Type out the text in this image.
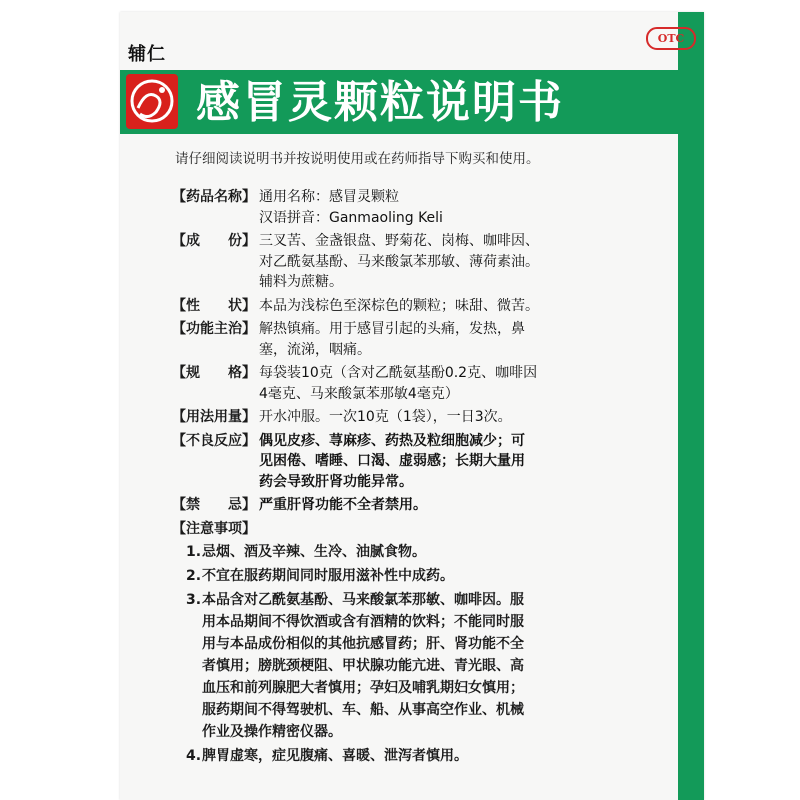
辅仁
OTC
感冒灵颗粒说明书
请仔细阅读说明书并按说明使用或在药师指导下购买和使用。
【药品名称】 通用名称：感冒灵颗粒
汉语拼音：Ganmaoling Keli
【成　　份】 三叉苦、金盏银盘、野菊花、岗梅、咖啡因、
对乙酰氨基酚、马来酸氯苯那敏、薄荷素油。
辅料为蔗糖。
【性　　状】 本品为浅棕色至深棕色的颗粒；味甜、微苦。
【功能主治】 解热镇痛。用于感冒引起的头痛，发热，鼻
塞，流涕，咽痛。
【规　　格】 每袋装10克（含对乙酰氨基酚0.2克、咖啡因
4毫克、马来酸氯苯那敏4毫克）
【用法用量】 开水冲服。一次10克（1袋），一日3次。
【不良反应】 偶见皮疹、荨麻疹、药热及粒细胞减少；可
见困倦、嗜睡、口渴、虚弱感；长期大量用
药会导致肝肾功能异常。
【禁　　忌】 严重肝肾功能不全者禁用。
【注意事项】
1. 忌烟、酒及辛辣、生冷、油腻食物。
2. 不宜在服药期间同时服用滋补性中成药。
3. 本品含对乙酰氨基酚、马来酸氯苯那敏、咖啡因。服
用本品期间不得饮酒或含有酒精的饮料；不能同时服
用与本品成份相似的其他抗感冒药；肝、肾功能不全
者慎用；膀胱颈梗阻、甲状腺功能亢进、青光眼、高
血压和前列腺肥大者慎用；孕妇及哺乳期妇女慎用；
服药期间不得驾驶机、车、船、从事高空作业、机械
作业及操作精密仪器。
4. 脾胃虚寒，症见腹痛、喜暖、泄泻者慎用。
